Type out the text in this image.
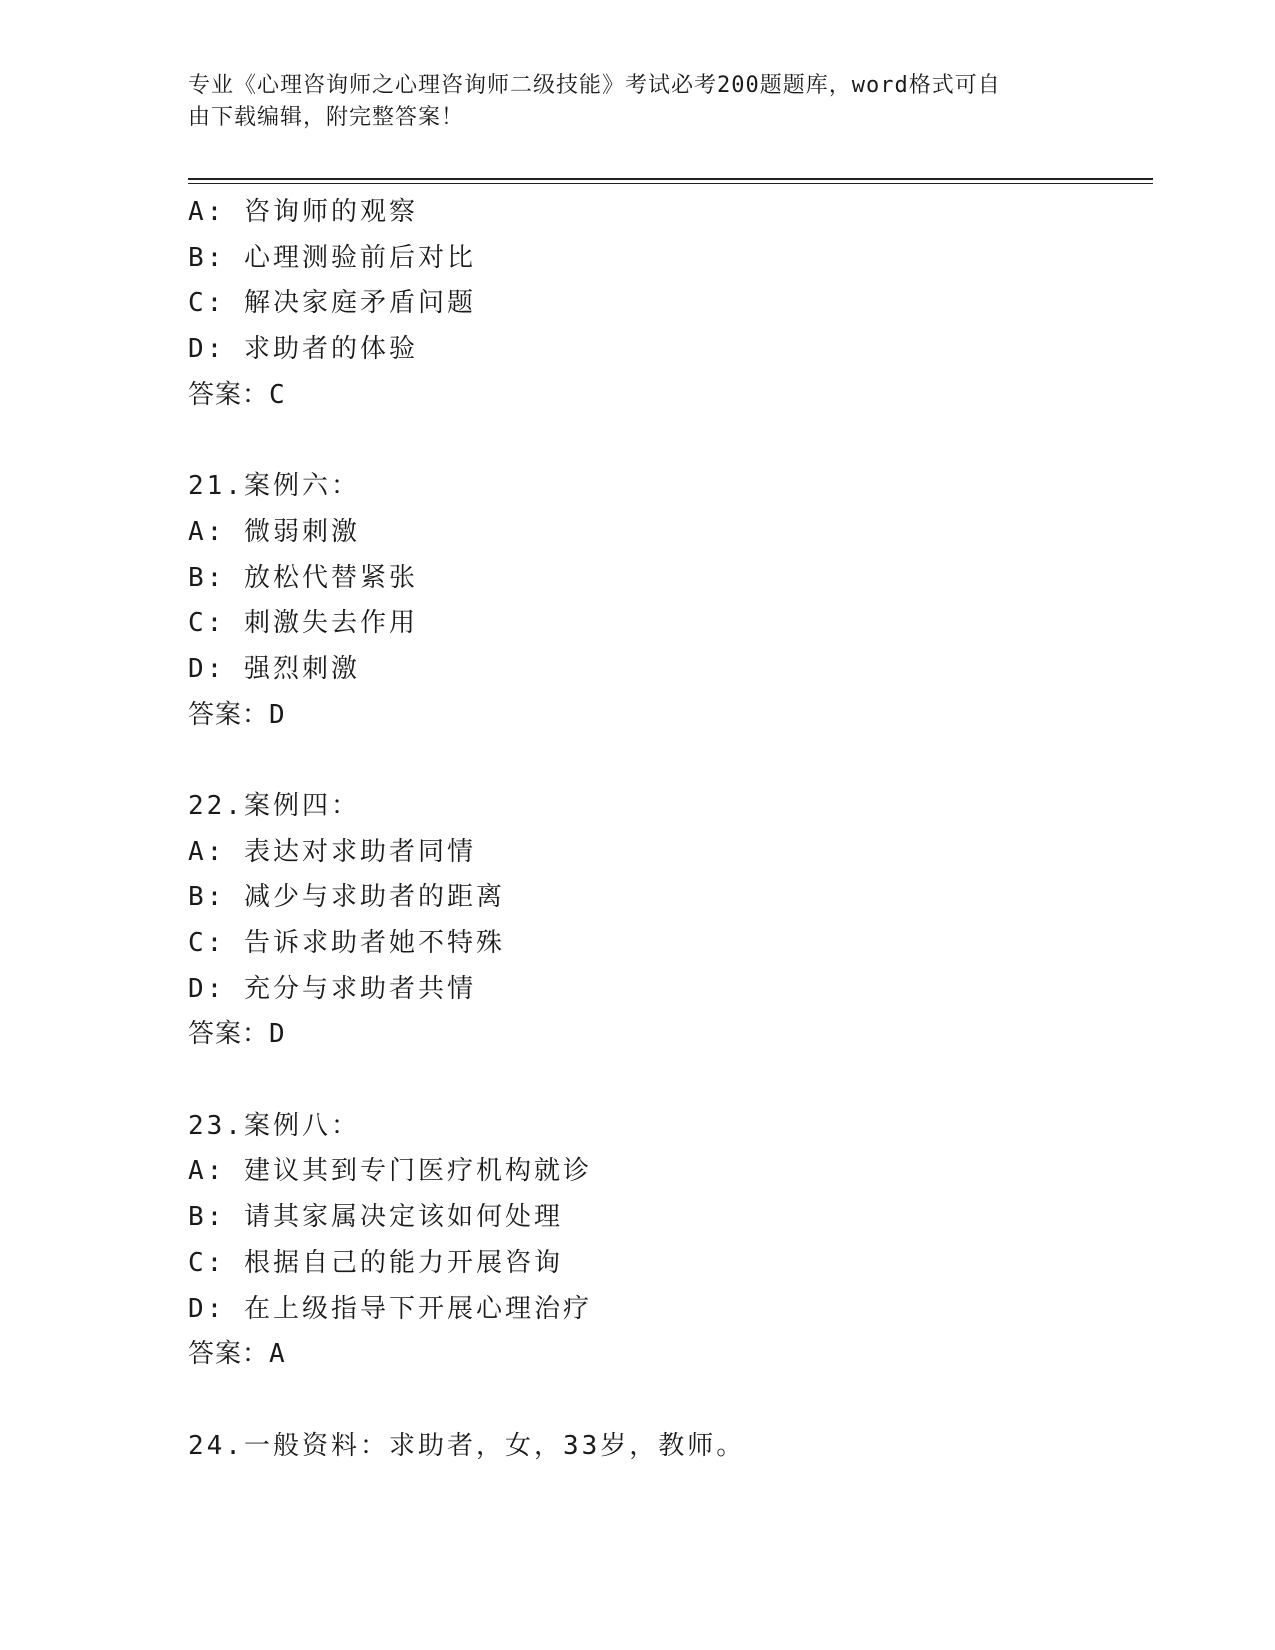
专业《心理咨询师之心理咨询师二级技能》考试必考200题题库，word格式可自
由下载编辑，附完整答案！
A: 咨询师的观察
B: 心理测验前后对比
C: 解决家庭矛盾问题
D: 求助者的体验
答案：C
21.案例六：
A: 微弱刺激
B: 放松代替紧张
C: 刺激失去作用
D: 强烈刺激
答案：D
22.案例四：
A: 表达对求助者同情
B: 减少与求助者的距离
C: 告诉求助者她不特殊
D: 充分与求助者共情
答案：D
23.案例八：
A: 建议其到专门医疗机构就诊
B: 请其家属决定该如何处理
C: 根据自己的能力开展咨询
D: 在上级指导下开展心理治疗
答案：A
24.一般资料：求助者，女，33岁，教师。
